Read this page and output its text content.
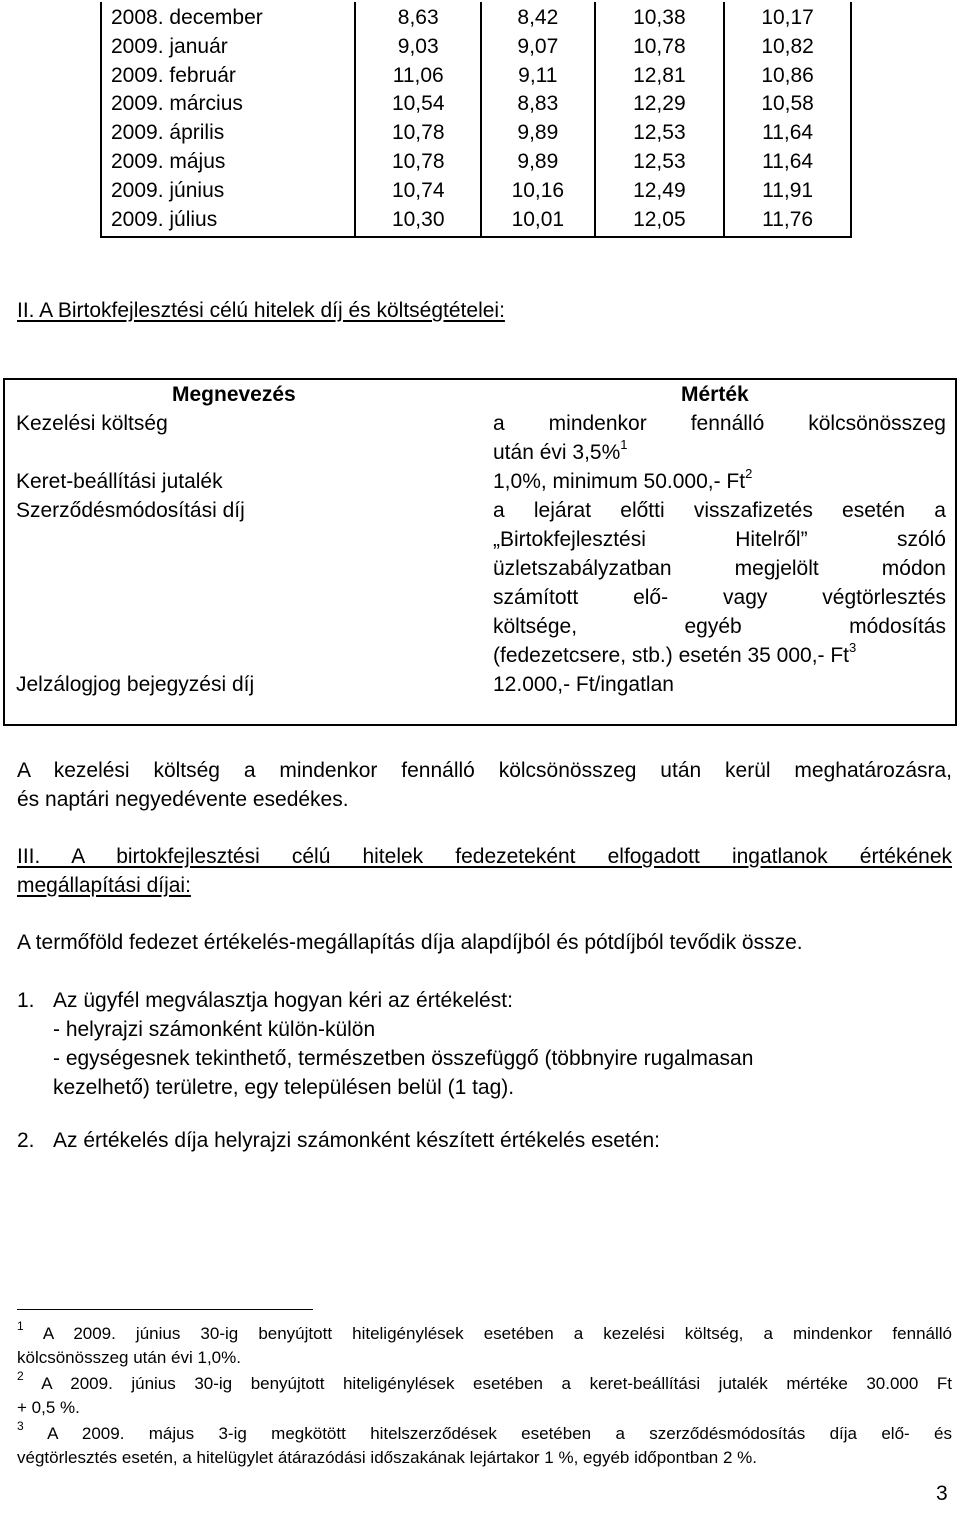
2008. december	8,63	8,42	10,38	10,17
2009. január	9,03	9,07	10,78	10,82
2009. február	11,06	9,11	12,81	10,86
2009. március	10,54	8,83	12,29	10,58
2009. április	10,78	9,89	12,53	11,64
2009. május	10,78	9,89	12,53	11,64
2009. június	10,74	10,16	12,49	11,91
2009. július	10,30	10,01	12,05	11,76
II. A Birtokfejlesztési célú hitelek díj és költségtételei:
Megnevezés	Mérték
Kezelési költség	a mindenkor fennálló kölcsönösszeg
után évi 3,5%$^1$
Keret-beállítási jutalék	1,0%, minimum 50.000,- Ft$^2$
Szerződésmódosítási díj	a lejárat előtti visszafizetés esetén a
„Birtokfejlesztési Hitelről” szóló
üzletszabályzatban megjelölt módon
számított elő- vagy végtörlesztés
költsége, egyéb módosítás
(fedezetcsere, stb.) esetén 35 000,- Ft$^3$
Jelzálogjog bejegyzési díj	12.000,- Ft/ingatlan
A kezelési költség a mindenkor fennálló kölcsönösszeg után kerül meghatározásra,
és naptári negyedévente esedékes.
III. A birtokfejlesztési célú hitelek fedezeteként elfogadott ingatlanok értékének
megállapítási díjai:
A termőföld fedezet értékelés-megállapítás díja alapdíjból és pótdíjból tevődik össze.
1. Az ügyfél megválasztja hogyan kéri az értékelést:
- helyrajzi számonként külön-külön
- egységesnek tekinthető, természetben összefüggő (többnyire rugalmasan
kezelhető) területre, egy településen belül (1 tag).
2. Az értékelés díja helyrajzi számonként készített értékelés esetén:
$^1$ A 2009. június 30-ig benyújtott hiteligénylések esetében a kezelési költség, a mindenkor fennálló
kölcsönösszeg után évi 1,0%.
$^2$ A 2009. június 30-ig benyújtott hiteligénylések esetében a keret-beállítási jutalék mértéke 30.000 Ft
+ 0,5 %.
$^3$ A 2009. május 3-ig megkötött hitelszerződések esetében a szerződésmódosítás díja elő- és
végtörlesztés esetén, a hitelügylet átárazódási időszakának lejártakor 1 %, egyéb időpontban 2 %.
3
